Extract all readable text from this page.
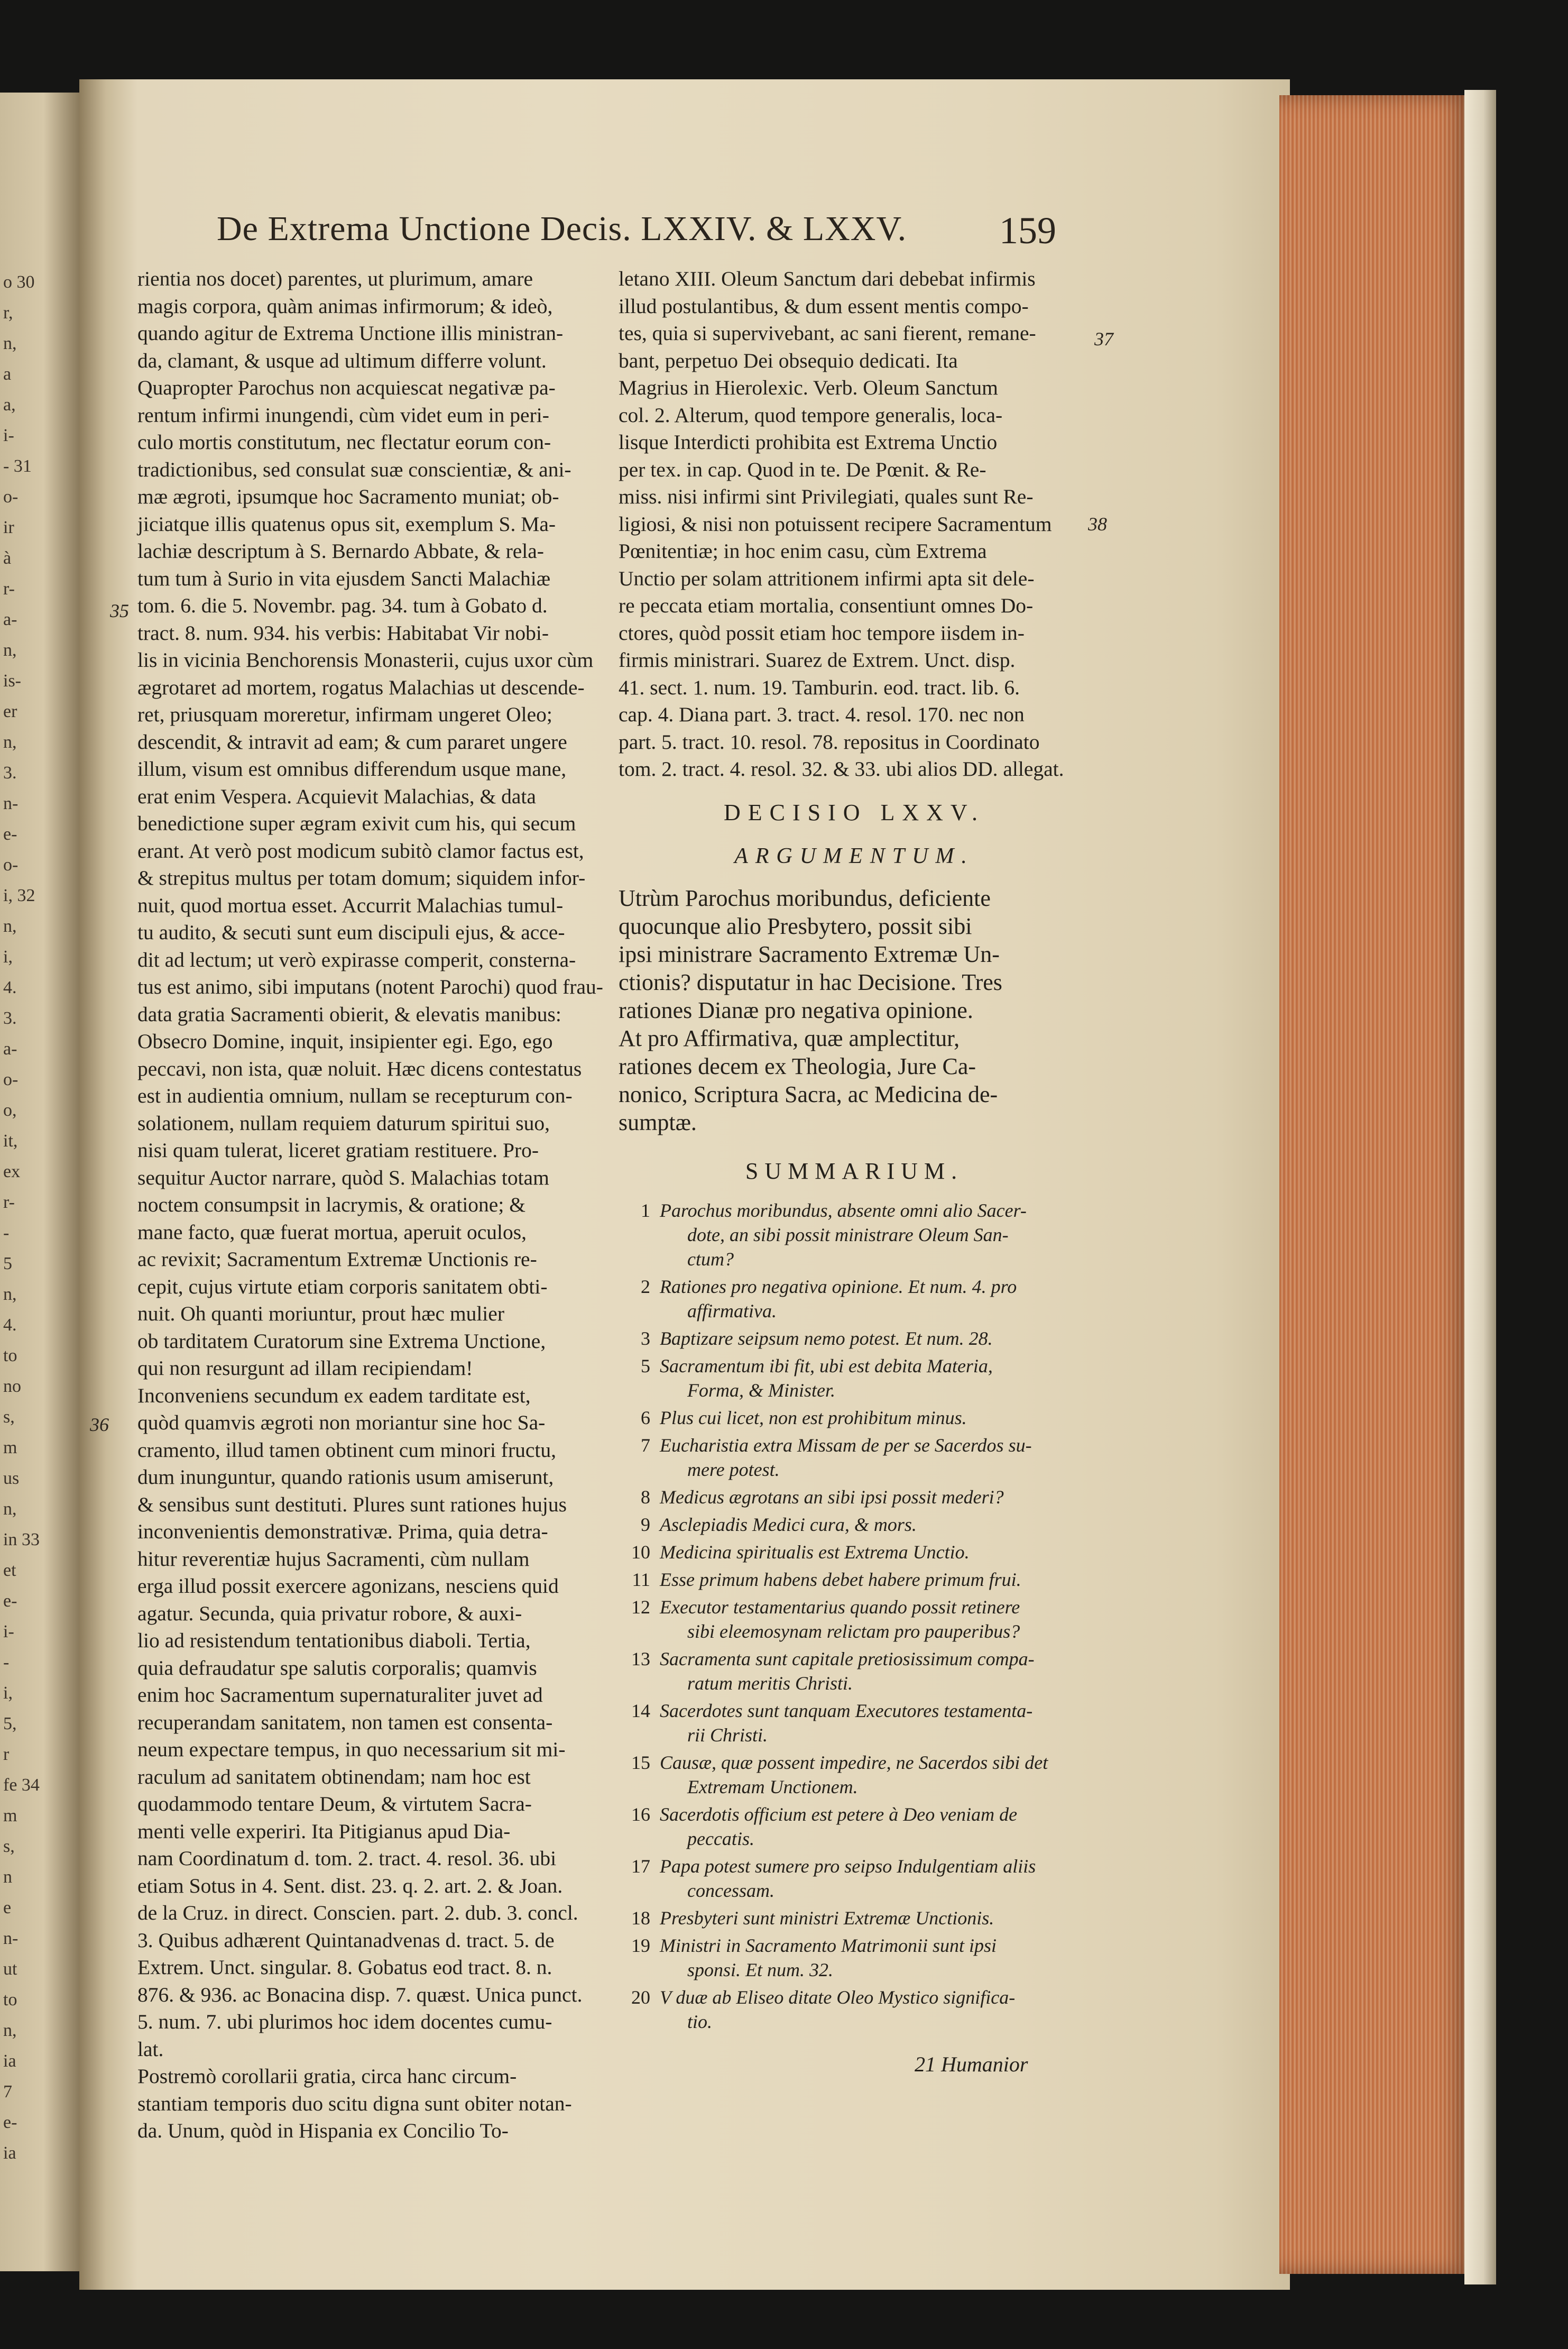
o 30
r,
n,
a
a,
i-
- 31
o-
ir
à
r-
a-
n,
is-
er
n,
3.
n-
e-
o-
i, 32
n,
i,
4.
3.
a-
o-
o,
it,
ex
r-
-
5
n,
4.
to
no
s,
m
us
n,
in 33
et
e-
i-
-
i,
5,
r
fe 34
m
s,
n
e
n-
ut
to
n,
ia
7
e-
ia
De Extrema Unctione Decis. LXXIV. & LXXV.	159
35
36
37
38
rientia nos docet) parentes, ut plurimum, amare
magis corpora, quàm animas infirmorum; & ideò,
quando agitur de Extrema Unctione illis ministran-
da, clamant, & usque ad ultimum differre volunt.
Quapropter Parochus non acquiescat negativæ pa-
rentum infirmi inungendi, cùm videt eum in peri-
culo mortis constitutum, nec flectatur eorum con-
tradictionibus, sed consulat suæ conscientiæ, & ani-
mæ ægroti, ipsumque hoc Sacramento muniat; ob-
jiciatque illis quatenus opus sit, exemplum S. Ma-
lachiæ descriptum à S. Bernardo Abbate, & rela-
tum tum à Surio in vita ejusdem Sancti Malachiæ
tom. 6. die 5. Novembr. pag. 34. tum à Gobato d.
tract. 8. num. 934. his verbis: Habitabat Vir nobi-
lis in vicinia Benchorensis Monasterii, cujus uxor cùm
ægrotaret ad mortem, rogatus Malachias ut descende-
ret, priusquam moreretur, infirmam ungeret Oleo;
descendit, & intravit ad eam; & cum pararet ungere
illum, visum est omnibus differendum usque mane,
erat enim Vespera. Acquievit Malachias, & data
benedictione super ægram exivit cum his, qui secum
erant. At verò post modicum subitò clamor factus est,
& strepitus multus per totam domum; siquidem infor-
nuit, quod mortua esset. Accurrit Malachias tumul-
tu audito, & secuti sunt eum discipuli ejus, & acce-
dit ad lectum; ut verò expirasse comperit, consterna-
tus est animo, sibi imputans (notent Parochi) quod frau-
data gratia Sacramenti obierit, & elevatis manibus:
Obsecro Domine, inquit, insipienter egi. Ego, ego
peccavi, non ista, quæ noluit. Hæc dicens contestatus
est in audientia omnium, nullam se recepturum con-
solationem, nullam requiem daturum spiritui suo,
nisi quam tulerat, liceret gratiam restituere. Pro-
sequitur Auctor narrare, quòd S. Malachias totam
noctem consumpsit in lacrymis, & oratione; &
mane facto, quæ fuerat mortua, aperuit oculos,
ac revixit; Sacramentum Extremæ Unctionis re-
cepit, cujus virtute etiam corporis sanitatem obti-
nuit. Oh quanti moriuntur, prout hæc mulier
ob tarditatem Curatorum sine Extrema Unctione,
qui non resurgunt ad illam recipiendam!
Inconveniens secundum ex eadem tarditate est,
quòd quamvis ægroti non moriantur sine hoc Sa-
cramento, illud tamen obtinent cum minori fructu,
dum inunguntur, quando rationis usum amiserunt,
& sensibus sunt destituti. Plures sunt rationes hujus
inconvenientis demonstrativæ. Prima, quia detra-
hitur reverentiæ hujus Sacramenti, cùm nullam
erga illud possit exercere agonizans, nesciens quid
agatur. Secunda, quia privatur robore, & auxi-
lio ad resistendum tentationibus diaboli. Tertia,
quia defraudatur spe salutis corporalis; quamvis
enim hoc Sacramentum supernaturaliter juvet ad
recuperandam sanitatem, non tamen est consenta-
neum expectare tempus, in quo necessarium sit mi-
raculum ad sanitatem obtinendam; nam hoc est
quodammodo tentare Deum, & virtutem Sacra-
menti velle experiri. Ita Pitigianus apud Dia-
nam Coordinatum d. tom. 2. tract. 4. resol. 36. ubi
etiam Sotus in 4. Sent. dist. 23. q. 2. art. 2. & Joan.
de la Cruz. in direct. Conscien. part. 2. dub. 3. concl.
3. Quibus adhærent Quintanadvenas d. tract. 5. de
Extrem. Unct. singular. 8. Gobatus eod tract. 8. n.
876. & 936. ac Bonacina disp. 7. quæst. Unica punct.
5. num. 7. ubi plurimos hoc idem docentes cumu-
lat.
Postremò corollarii gratia, circa hanc circum-
stantiam temporis duo scitu digna sunt obiter notan-
da. Unum, quòd in Hispania ex Concilio To-
letano XIII. Oleum Sanctum dari debebat infirmis
illud postulantibus, & dum essent mentis compo-
tes, quia si supervivebant, ac sani fierent, remane-
bant, perpetuo Dei obsequio dedicati. Ita
Magrius in Hierolexic. Verb. Oleum Sanctum
col. 2. Alterum, quod tempore generalis, loca-
lisque Interdicti prohibita est Extrema Unctio
per tex. in cap. Quod in te. De Pœnit. & Re-
miss. nisi infirmi sint Privilegiati, quales sunt Re-
ligiosi, & nisi non potuissent recipere Sacramentum
Pœnitentiæ; in hoc enim casu, cùm Extrema
Unctio per solam attritionem infirmi apta sit dele-
re peccata etiam mortalia, consentiunt omnes Do-
ctores, quòd possit etiam hoc tempore iisdem in-
firmis ministrari. Suarez de Extrem. Unct. disp.
41. sect. 1. num. 19. Tamburin. eod. tract. lib. 6.
cap. 4. Diana part. 3. tract. 4. resol. 170. nec non
part. 5. tract. 10. resol. 78. repositus in Coordinato
tom. 2. tract. 4. resol. 32. & 33. ubi alios DD. allegat.
DECISIO LXXV.
ARGUMENTUM.
Utrùm Parochus moribundus, deficiente
quocunque alio Presbytero, possit sibi
ipsi ministrare Sacramento Extremæ Un-
ctionis? disputatur in hac Decisione. Tres
rationes Dianæ pro negativa opinione.
At pro Affirmativa, quæ amplectitur,
rationes decem ex Theologia, Jure Ca-
nonico, Scriptura Sacra, ac Medicina de-
sumptæ.
SUMMARIUM.
1 Parochus moribundus, absente omni alio Sacer-
dote, an sibi possit ministrare Oleum San-
ctum?
2 Rationes pro negativa opinione. Et num. 4. pro
affirmativa.
3 Baptizare seipsum nemo potest. Et num. 28.
5 Sacramentum ibi fit, ubi est debita Materia,
Forma, & Minister.
6 Plus cui licet, non est prohibitum minus.
7 Eucharistia extra Missam de per se Sacerdos su-
mere potest.
8 Medicus ægrotans an sibi ipsi possit mederi?
9 Asclepiadis Medici cura, & mors.
10 Medicina spiritualis est Extrema Unctio.
11 Esse primum habens debet habere primum frui.
12 Executor testamentarius quando possit retinere
sibi eleemosynam relictam pro pauperibus?
13 Sacramenta sunt capitale pretiosissimum compa-
ratum meritis Christi.
14 Sacerdotes sunt tanquam Executores testamenta-
rii Christi.
15 Causæ, quæ possent impedire, ne Sacerdos sibi det
Extremam Unctionem.
16 Sacerdotis officium est petere à Deo veniam de
peccatis.
17 Papa potest sumere pro seipso Indulgentiam aliis
concessam.
18 Presbyteri sunt ministri Extremæ Unctionis.
19 Ministri in Sacramento Matrimonii sunt ipsi
sponsi. Et num. 32.
20 V duæ ab Eliseo ditate Oleo Mystico significa-
tio.
21 Humanior
